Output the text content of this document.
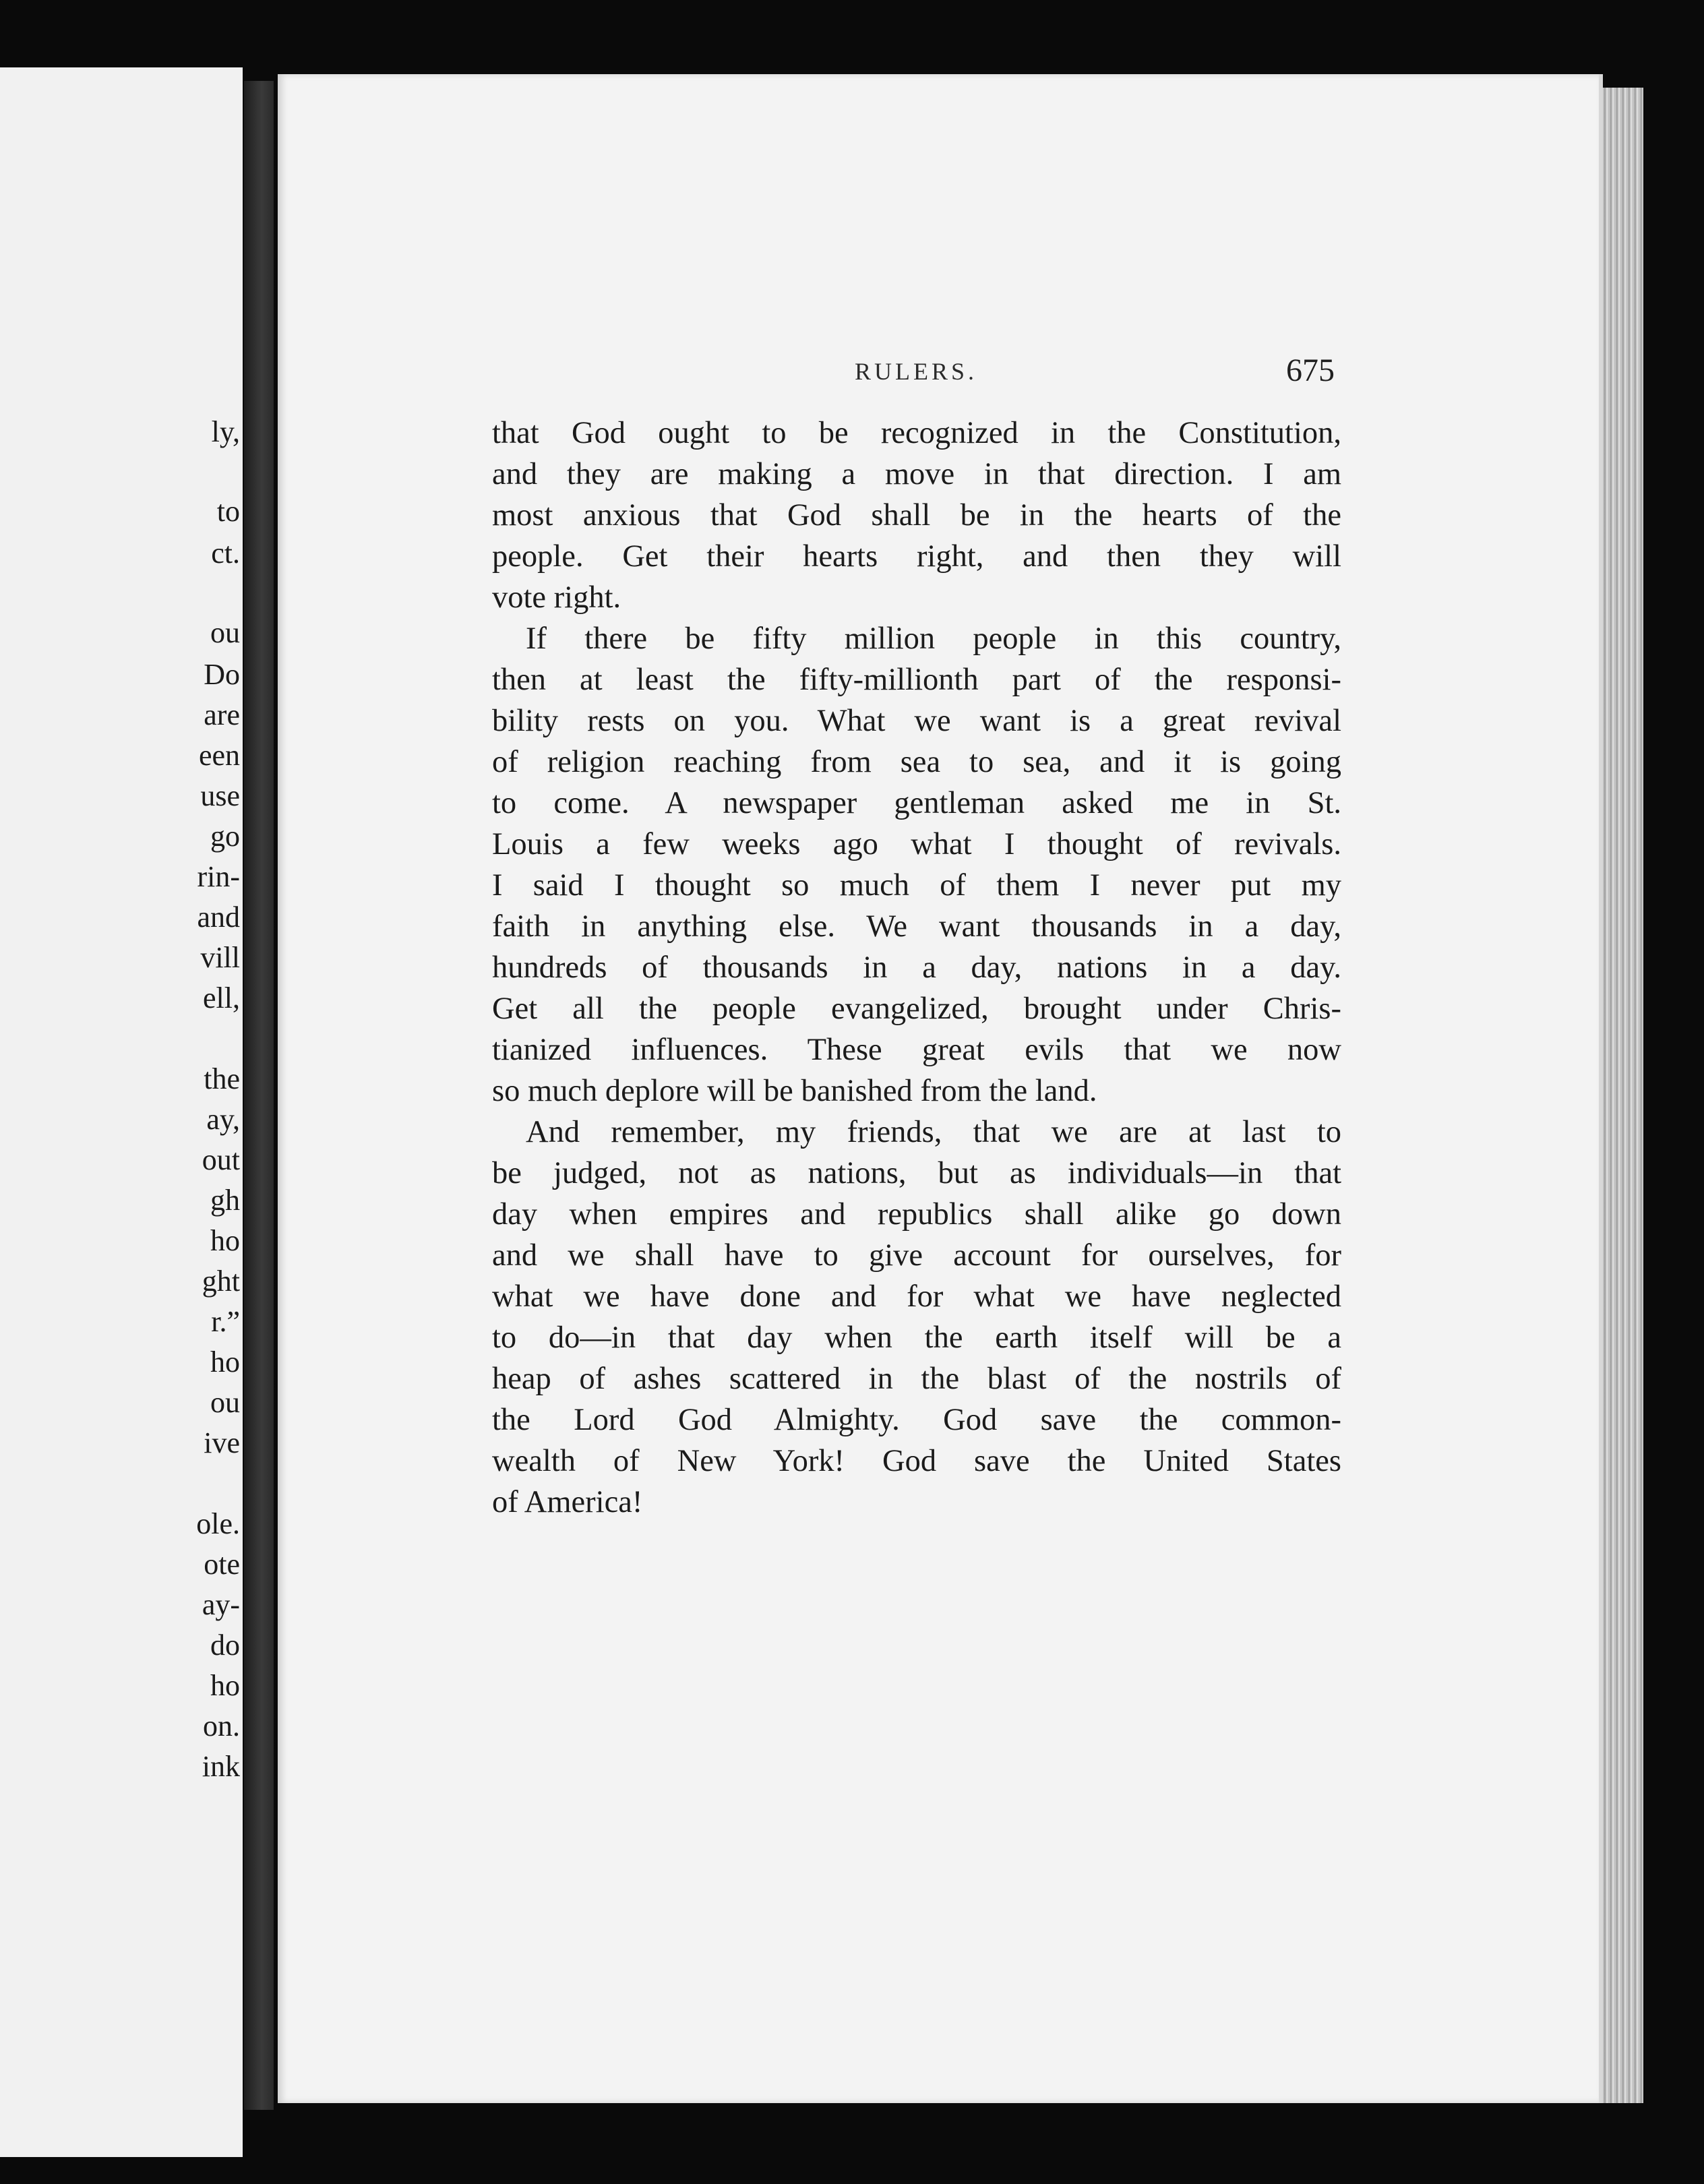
ly,
to
ct.
ou
Do
are
een
use
go
rin-
and
vill
ell,
the
ay,
out
gh
ho
ght
r.”
ho
ou
ive
ole.
ote
ay-
do
ho
on.
ink
RULERS.	675
that God ought to be recognized in the Constitution,
and they are making a move in that direction. I am
most anxious that God shall be in the hearts of the
people. Get their hearts right, and then they will
vote right.
If there be fifty million people in this country,
then at least the fifty-millionth part of the responsi-
bility rests on you. What we want is a great revival
of religion reaching from sea to sea, and it is going
to come. A newspaper gentleman asked me in St.
Louis a few weeks ago what I thought of revivals.
I said I thought so much of them I never put my
faith in anything else. We want thousands in a day,
hundreds of thousands in a day, nations in a day.
Get all the people evangelized, brought under Chris-
tianized influences. These great evils that we now
so much deplore will be banished from the land.
And remember, my friends, that we are at last to
be judged, not as nations, but as individuals—in that
day when empires and republics shall alike go down
and we shall have to give account for ourselves, for
what we have done and for what we have neglected
to do—in that day when the earth itself will be a
heap of ashes scattered in the blast of the nostrils of
the Lord God Almighty. God save the common-
wealth of New York! God save the United States
of America!
